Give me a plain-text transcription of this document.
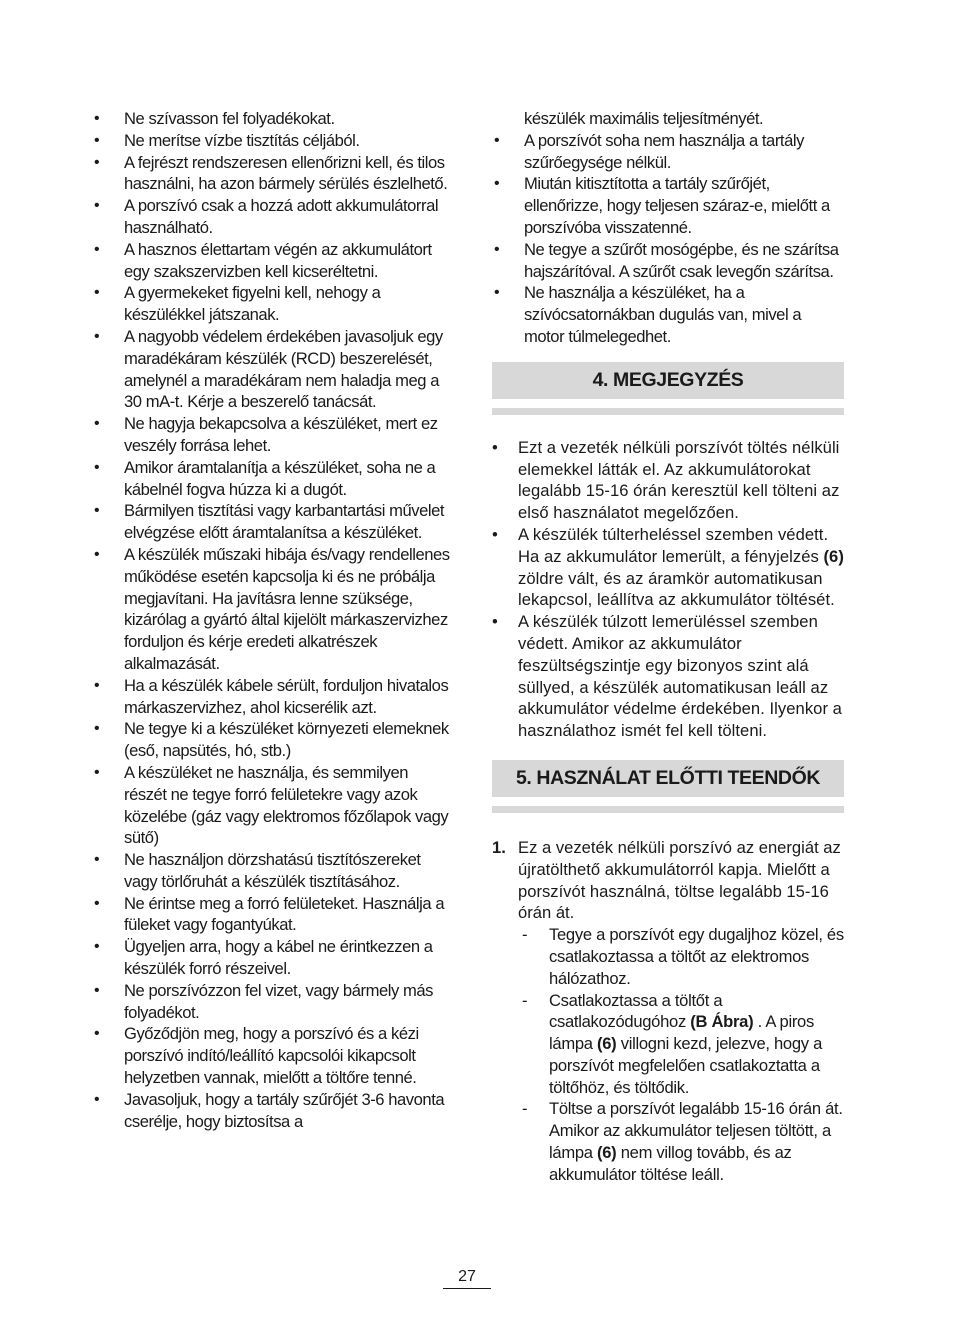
• Ne szívasson fel folyadékokat.
• Ne merítse vízbe tisztítás céljából.
• A fejrészt rendszeresen ellenőrizni kell, és tilos használni, ha azon bármely sérülés észlelhető.
• A porszívó csak a hozzá adott akkumulátorral használható.
• A hasznos élettartam végén az akkumulátort egy szakszervizben kell kicseréltetni.
• A gyermekeket figyelni kell, nehogy a készülékkel játszanak.
• A nagyobb védelem érdekében javasoljuk egy maradékáram készülék (RCD) beszerelését, amelynél a maradékáram nem haladja meg a 30 mA-t. Kérje a beszerelő tanácsát.
• Ne hagyja bekapcsolva a készüléket, mert ez veszély forrása lehet.
• Amikor áramtalanítja a készüléket, soha ne a kábelnél fogva húzza ki a dugót.
• Bármilyen tisztítási vagy karbantartási művelet elvégzése előtt áramtalanítsa a készüléket.
• A készülék műszaki hibája és/vagy rendellenes működése esetén kapcsolja ki és ne próbálja megjavítani. Ha javításra lenne szüksége, kizárólag a gyártó által kijelölt márkaszervizhez forduljon és kérje eredeti alkatrészek alkalmazását.
• Ha a készülék kábele sérült, forduljon hivatalos márkaszervizhez, ahol kicserélik azt.
• Ne tegye ki a készüléket környezeti elemeknek (eső, napsütés, hó, stb.)
• A készüléket ne használja, és semmilyen részét ne tegye forró felületekre vagy azok közelébe (gáz vagy elektromos főzőlapok vagy sütő)
• Ne használjon dörzshatású tisztítószereket vagy törlőruhát a készülék tisztításához.
• Ne érintse meg a forró felületeket. Használja a füleket vagy fogantyúkat.
• Ügyeljen arra, hogy a kábel ne érintkezzen a készülék forró részeivel.
• Ne porszívózzon fel vizet, vagy bármely más folyadékot.
• Győződjön meg, hogy a porszívó és a kézi porszívó indító/leállító kapcsolói kikapcsolt helyzetben vannak, mielőtt a töltőre tenné.
• Javasoljuk, hogy a tartály szűrőjét 3-6 havonta cserélje, hogy biztosítsa a
készülék maximális teljesítményét.
• A porszívót soha nem használja a tartály szűrőegysége nélkül.
• Miután kitisztította a tartály szűrőjét, ellenőrizze, hogy teljesen száraz-e, mielőtt a porszívóba visszatenné.
• Ne tegye a szűrőt mosógépbe, és ne szárítsa hajszárítóval. A szűrőt csak levegőn szárítsa.
• Ne használja a készüléket, ha a szívócsatornákban dugulás van, mivel a motor túlmelegedhet.
4. MEGJEGYZÉS
• Ezt a vezeték nélküli porszívót töltés nélküli elemekkel látták el. Az akkumulátorokat legalább 15-16 órán keresztül kell tölteni az első használatot megelőzően.
• A készülék túlterheléssel szemben védett. Ha az akkumulátor lemerült, a fényjelzés (6) zöldre vált, és az áramkör automatikusan lekapcsol, leállítva az akkumulátor töltését.
• A készülék túlzott lemerüléssel szemben védett. Amikor az akkumulátor feszültségszintje egy bizonyos szint alá süllyed, a készülék automatikusan leáll az akkumulátor védelme érdekében. Ilyenkor a használathoz ismét fel kell tölteni.
5. HASZNÁLAT ELŐTTI TEENDŐK
1. Ez a vezeték nélküli porszívó az energiát az újratölthető akkumulátorról kapja. Mielőtt a porszívót használná, töltse legalább 15-16 órán át.
- Tegye a porszívót egy dugaljhoz közel, és csatlakoztassa a töltőt az elektromos hálózathoz.
- Csatlakoztassa a töltőt a csatlakozódugóhoz (B Ábra) . A piros lámpa (6) villogni kezd, jelezve, hogy a porszívót megfelelően csatlakoztatta a töltőhöz, és töltődik.
- Töltse a porszívót legalább 15-16 órán át. Amikor az akkumulátor teljesen töltött, a lámpa (6) nem villog tovább, és az akkumulátor töltése leáll.
27
